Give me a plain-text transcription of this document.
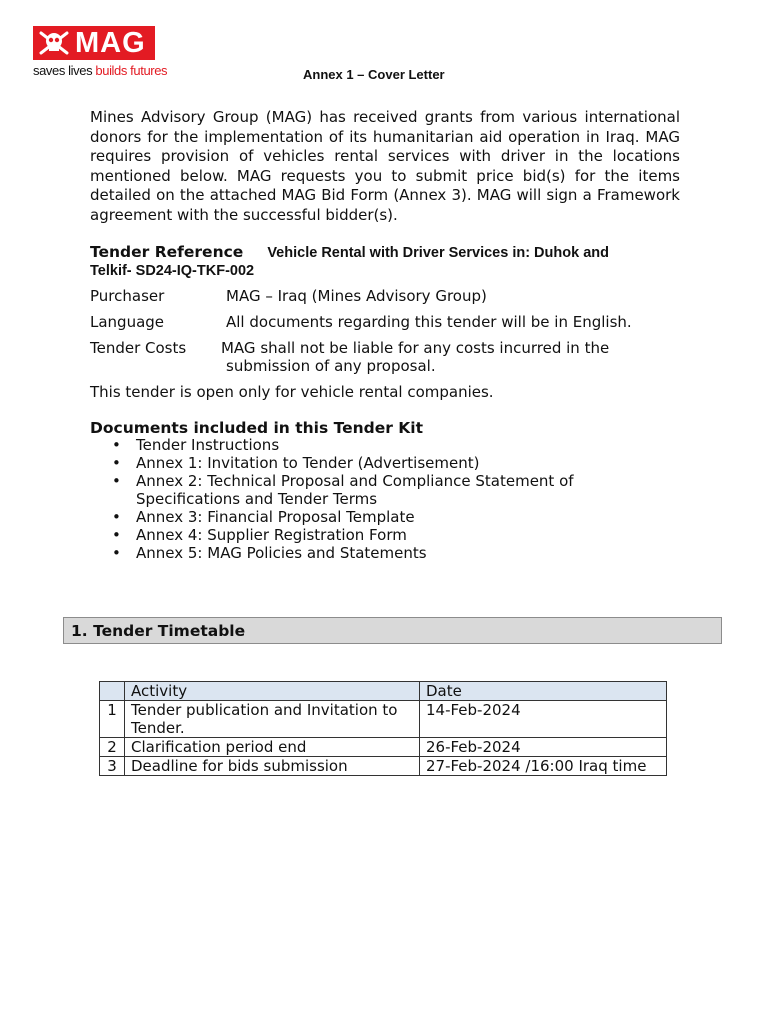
MAG
saves lives builds futures	Annex 1 – Cover Letter

Mines Advisory Group (MAG) has received grants from various international donors for the implementation of its humanitarian aid operation in Iraq. MAG requires provision of vehicles rental services with driver in the locations mentioned below. MAG requests you to submit price bid(s) for the items detailed on the attached MAG Bid Form (Annex 3). MAG will sign a Framework agreement with the successful bidder(s).

Tender Reference Vehicle Rental with Driver Services in: Duhok and
Telkif- SD24-IQ-TKF-002
Purchaser	MAG – Iraq (Mines Advisory Group)
Language	All documents regarding this tender will be in English.
Tender Costs MAG shall not be liable for any costs incurred in the
submission of any proposal.
This tender is open only for vehicle rental companies.
Documents included in this Tender Kit
• Tender Instructions
• Annex 1: Invitation to Tender (Advertisement)
• Annex 2: Technical Proposal and Compliance Statement of Specifications and Tender Terms
• Annex 3: Financial Proposal Template
• Annex 4: Supplier Registration Form
• Annex 5: MAG Policies and Statements
1. Tender Timetable
	Activity	Date
1	Tender publication and Invitation to Tender.	14-Feb-2024
2	Clarification period end	26-Feb-2024
3	Deadline for bids submission	27-Feb-2024 /16:00 Iraq time
